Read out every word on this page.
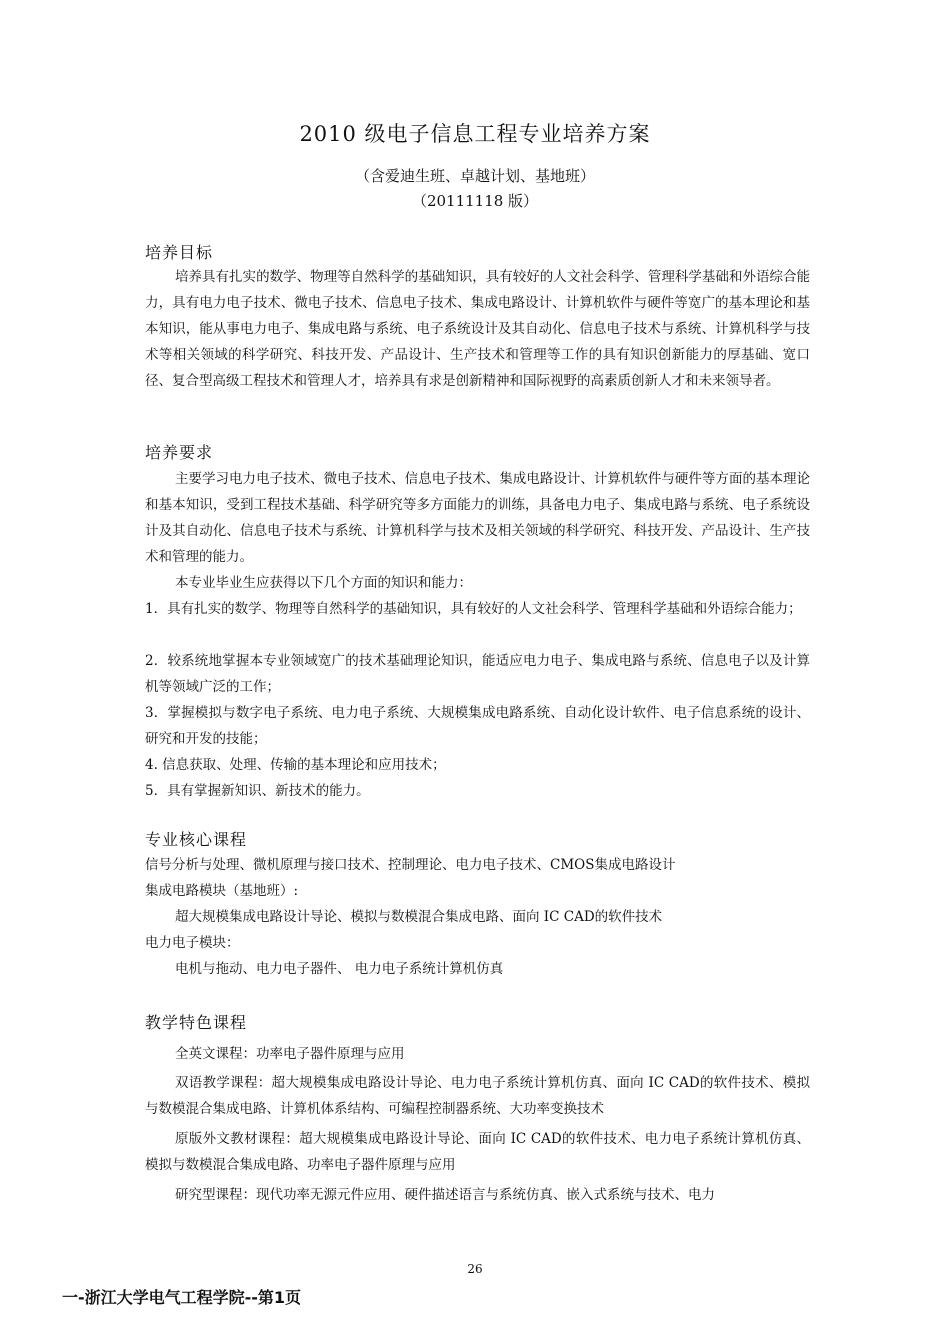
2010 级电子信息工程专业培养方案
（含爱迪生班、卓越计划、基地班）
（20111118 版）
培养目标
培养具有扎实的数学、物理等自然科学的基础知识，具有较好的人文社会科学、管理科学基础和外语综合能力，具有电力电子技术、微电子技术、信息电子技术、集成电路设计、计算机软件与硬件等宽广的基本理论和基本知识，能从事电力电子、集成电路与系统、电子系统设计及其自动化、信息电子技术与系统、计算机科学与技术等相关领域的科学研究、科技开发、产品设计、生产技术和管理等工作的具有知识创新能力的厚基础、宽口径、复合型高级工程技术和管理人才，培养具有求是创新精神和国际视野的高素质创新人才和未来领导者。
培养要求
主要学习电力电子技术、微电子技术、信息电子技术、集成电路设计、计算机软件与硬件等方面的基本理论和基本知识，受到工程技术基础、科学研究等多方面能力的训练，具备电力电子、集成电路与系统、电子系统设计及其自动化、信息电子技术与系统、计算机科学与技术及相关领域的科学研究、科技开发、产品设计、生产技术和管理的能力。
本专业毕业生应获得以下几个方面的知识和能力：
1．具有扎实的数学、物理等自然科学的基础知识，具有较好的人文社会科学、管理科学基础和外语综合能力；
2．较系统地掌握本专业领域宽广的技术基础理论知识，能适应电力电子、集成电路与系统、信息电子以及计算机等领域广泛的工作；
3．掌握模拟与数字电子系统、电力电子系统、大规模集成电路系统、自动化设计软件、电子信息系统的设计、研究和开发的技能；
4. 信息获取、处理、传输的基本理论和应用技术；
5．具有掌握新知识、新技术的能力。
专业核心课程
信号分析与处理、微机原理与接口技术、控制理论、电力电子技术、CMOS集成电路设计
集成电路模块（基地班）:
超大规模集成电路设计导论、模拟与数模混合集成电路、面向 IC CAD的软件技术
电力电子模块：
电机与拖动、电力电子器件、 电力电子系统计算机仿真
教学特色课程
全英文课程：功率电子器件原理与应用
双语教学课程：超大规模集成电路设计导论、电力电子系统计算机仿真、面向 IC CAD的软件技术、模拟与数模混合集成电路、计算机体系结构、可编程控制器系统、大功率变换技术
原版外文教材课程：超大规模集成电路设计导论、面向 IC CAD的软件技术、电力电子系统计算机仿真、模拟与数模混合集成电路、功率电子器件原理与应用
研究型课程：现代功率无源元件应用、硬件描述语言与系统仿真、嵌入式系统与技术、电力
26
一-浙江大学电气工程学院--第1页
